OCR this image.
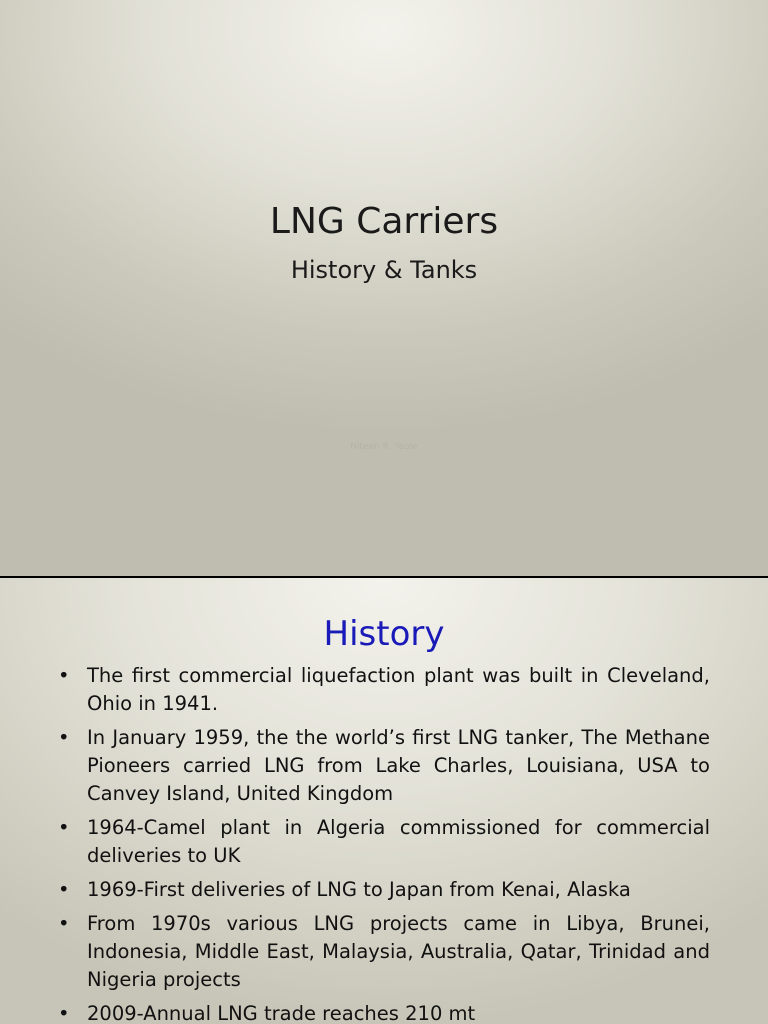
LNG Carriers
History & Tanks
Niteen R. Yeole
History
• The first commercial liquefaction plant was built in Cleveland, Ohio in 1941.
• In January 1959, the the world’s first LNG tanker, The Methane Pioneers carried LNG from Lake Charles, Louisiana, USA to Canvey Island, United Kingdom
• 1964-Camel plant in Algeria commissioned for commercial deliveries to UK
• 1969-First deliveries of LNG to Japan from Kenai, Alaska
• From 1970s various LNG projects came in Libya, Brunei, Indonesia, Middle East, Malaysia, Australia, Qatar, Trinidad and Nigeria projects
• 2009-Annual LNG trade reaches 210 mt
